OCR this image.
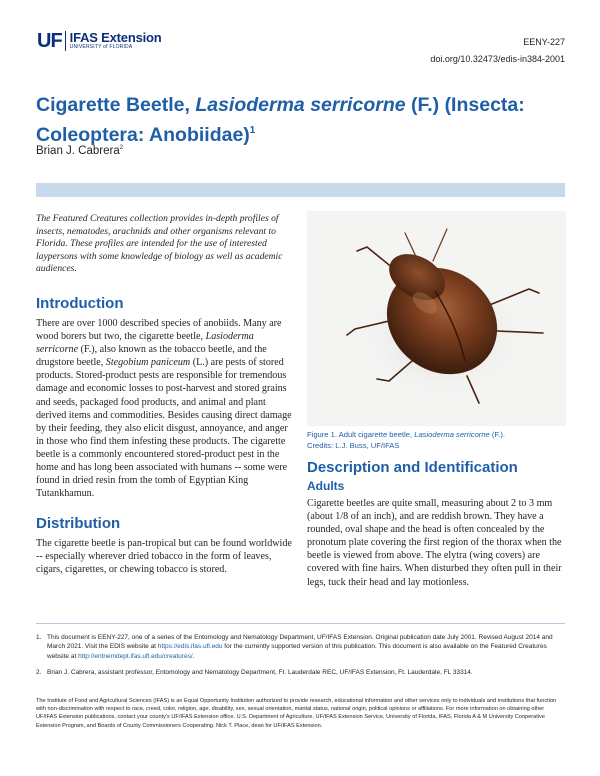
UF IFAS Extension
UNIVERSITY of FLORIDA	EENY-227
doi.org/10.32473/edis-in384-2001
Cigarette Beetle, Lasioderma serricorne (F.) (Insecta: Coleoptera: Anobiidae)$^1$
Brian J. Cabrera$^2$

The Featured Creatures collection provides in-depth profiles of insects, nematodes, arachnids and other organisms relevant to Florida. These profiles are intended for the use of interested laypersons with some knowledge of biology as well as academic audiences.

Introduction

There are over 1000 described species of anobiids. Many are wood borers but two, the cigarette beetle, Lasioderma serricorne (F.), also known as the tobacco beetle, and the drugstore beetle, Stegobium paniceum (L.) are pests of stored products. Stored-product pests are responsible for tremendous damage and economic losses to post-harvest and stored grains and seeds, packaged food products, and animal and plant derived items and commodities. Besides causing direct damage by their feeding, they also elicit disgust, annoyance, and anger in those who find them infesting these products. The cigarette beetle is a commonly encountered stored-product pest in the home and has long been associated with humans -- some were found in dried resin from the tomb of Egyptian King Tutankhamun.

Distribution

The cigarette beetle is pan-tropical but can be found worldwide -- especially wherever dried tobacco in the form of leaves, cigars, cigarettes, or chewing tobacco is stored.

Figure 1. Adult cigarette beetle, Lasioderma serricorne (F.).
Credits: L.J. Buss, UF/IFAS
Description and Identification
Adults

Cigarette beetles are quite small, measuring about 2 to 3 mm (about 1/8 of an inch), and are reddish brown. They have a rounded, oval shape and the head is often concealed by the pronotum plate covering the first region of the thorax when the beetle is viewed from above. The elytra (wing covers) are covered with fine hairs. When disturbed they often pull in their legs, tuck their head and lay motionless.

1. This document is EENY-227, one of a series of the Entomology and Nematology Department, UF/IFAS Extension. Original publication date July 2001. Revised August 2014 and March 2021. Visit the EDIS website at https://edis.ifas.ufl.edu for the currently supported version of this publication. This document is also available on the Featured Creatures website at http://entnemdept.ifas.ufl.edu/creatures/.
2. Brian J. Cabrera, assistant professor, Entomology and Nematology Department, Ft. Lauderdale REC, UF/IFAS Extension, Ft. Lauderdale, FL 33314.
The Institute of Food and Agricultural Sciences (IFAS) is an Equal Opportunity Institution authorized to provide research, educational information and other services only to individuals and institutions that function with non-discrimination with respect to race, creed, color, religion, age, disability, sex, sexual orientation, marital status, national origin, political opinions or affiliations. For more information on obtaining other UF/IFAS Extension publications, contact your county's UF/IFAS Extension office. U.S. Department of Agriculture, UF/IFAS Extension Service, University of Florida, IFAS, Florida A & M University Cooperative Extension Program, and Boards of County Commissioners Cooperating. Nick T. Place, dean for UF/IFAS Extension.
